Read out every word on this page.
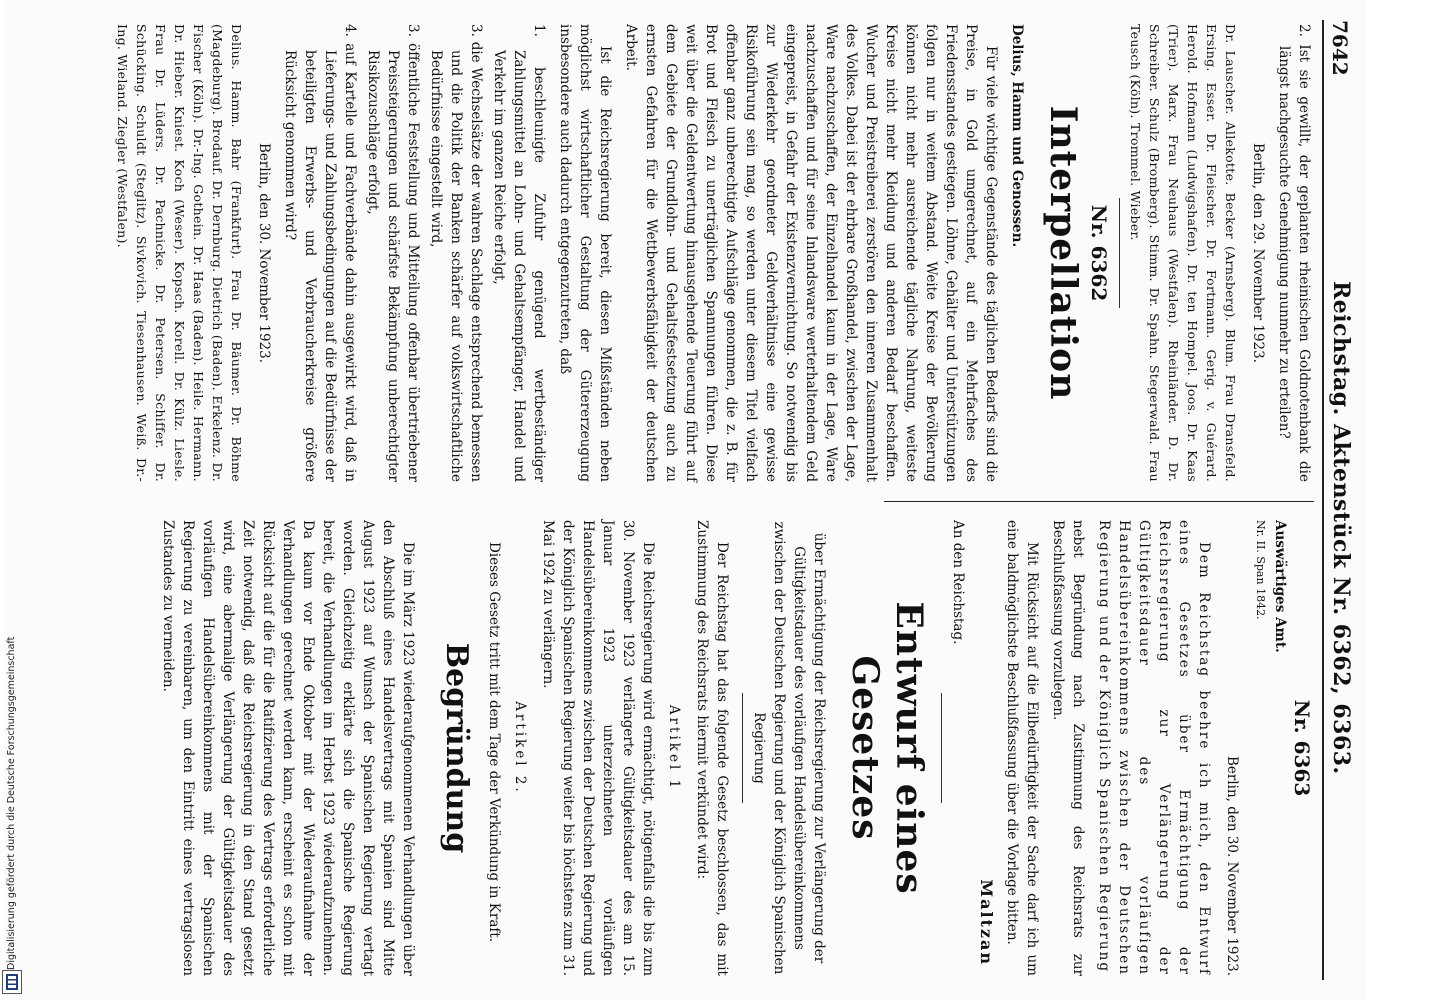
7642
Reichstag. Aktenstück Nr. 6362, 6363.

2. Ist sie gewillt, der geplanten rheinischen Goldnotenbank die längst nachgesuchte Genehmigung nunmehr zu erteilen?

Berlin, den 29. November 1923.

Dr. Lauscher. Allekotte. Becker (Arnsberg). Blum. Frau Dransfeld. Ersing. Esser. Dr. Fleischer. Dr. Fortmann. Gerig. v. Guérard. Herold. Hofmann (Ludwigshafen). Dr. ten Hompel. Joos. Dr. Kaas (Trier). Marx. Frau Neuhaus (Westfalen). Rheinländer. D. Dr. Schreiber. Schulz (Bromberg). Stimm. Dr. Spahn. Stegerwald. Frau Teusch (Köln). Trommel. Wieber.

Nr. 6362
Interpellation

Delius, Hamm und Genossen.

Für viele wichtige Gegenstände des täglichen Bedarfs sind die Preise, in Gold umgerechnet, auf ein Mehrfaches des Friedensstandes gestiegen. Löhne, Gehälter und Unterstützungen folgen nur in weitem Abstand. Weite Kreise der Bevölkerung können nicht mehr ausreichende tägliche Nahrung, weiteste Kreise nicht mehr Kleidung und anderen Bedarf beschaffen. Wucher und Preistreiberei zerstören den inneren Zusammenhalt des Volkes. Dabei ist der ehrbare Großhandel, zwischen der Lage, Ware nachzuschaffen, der Einzelhandel kaum in der Lage, Ware nachzuschaffen und für seine Inlandsware werterhaltendem Geld eingepreist, in Gefahr der Existenzvernichtung. So notwendig bis zur Wiederkehr geordneter Geldverhältnisse eine gewisse Risikoführung sein mag, so werden unter diesem Titel vielfach offenbar ganz unberechtigte Aufschläge genommen, die z. B. für Brot und Fleisch zu unerträglichen Spannungen führen. Diese weit über die Geldentwertung hinausgehende Teuerung führt auf dem Gebiete der Grundlohn- und Gehaltsfestsetzung auch zu ernsten Gefahren für die Wettbewerbsfähigkeit der deutschen Arbeit.

Ist die Reichsregierung bereit, diesen Mißständen neben möglichst wirtschaftlicher Gestaltung der Gütererzeugung insbesondere auch dadurch entgegenzutreten, daß

1. beschleunigte Zufuhr genügend wertbeständiger Zahlungsmittel an Lohn- und Gehaltsempfänger, Handel und Verkehr im ganzen Reiche erfolgt,

3. die Wechselsätze der wahren Sachlage entsprechend bemessen und die Politik der Banken schärfer auf volkswirtschaftliche Bedürfnisse eingestellt wird,

3. öffentliche Feststellung und Mitteilung offenbar übertriebener Preissteigerungen und schärfste Bekämpfung unberechtigter Risikozuschläge erfolgt,

4. auf Kartelle und Fachverbände dahin ausgewirkt wird, daß in Lieferungs- und Zahlungsbedingungen auf die Bedürfnisse der beteiligten Erwerbs- und Verbraucherkreise größere Rücksicht genommen wird?

Berlin, den 30. November 1923.

Delius. Hamm. Bahr (Frankfurt). Frau Dr. Bäumer. Dr. Böhme (Magdeburg). Brodauf. Dr. Dernburg. Dietrich (Baden). Erkelenz. Dr. Fischer (Köln). Dr.-Ing. Gothein. Dr. Haas (Baden). Heile. Hermann. Dr. Hieber. Kniest. Koch (Weser). Kopsch. Korell. Dr. Külz. Liesle. Frau Dr. Lüders. Dr. Pachnicke. Dr. Petersen. Schiffer. Dr. Schücking. Schuldt (Steglitz). Sivkovich. Tiesenhausen. Weiß. Dr.-Ing. Wieland. Ziegler (Westfalen).

Nr. 6363

Auswärtiges Amt.

Nr. II. Span 1842.

Berlin, den 30. November 1923.

Dem Reichstag beehre ich mich, den Entwurf eines Gesetzes über Ermächtigung der Reichsregierung zur Verlängerung der Gültigkeitsdauer des vorläufigen Handelsübereinkommens zwischen der Deutschen Regierung und der Königlich Spanischen Regierung

nebst Begründung nach Zustimmung des Reichsrats zur Beschlußfassung vorzulegen.

Mit Rücksicht auf die Eilbedürftigkeit der Sache darf ich um eine baldmöglichste Beschlußfassung über die Vorlage bitten.

Maltzan

An den Reichstag.

Entwurf eines Gesetzes

über Ermächtigung der Reichsregierung zur Verlängerung der Gültigkeitsdauer des vorläufigen Handelsübereinkommens zwischen der Deutschen Regierung und der Königlich Spanischen Regierung

Der Reichstag hat das folgende Gesetz beschlossen, das mit Zustimmung des Reichsrats hiermit verkündet wird:

Artikel 1

Die Reichsregierung wird ermächtigt, nötigenfalls die bis zum 30. November 1923 verlängerte Gültigkeitsdauer des am 15. Januar 1923 unterzeichneten vorläufigen Handelsübereinkommens zwischen der Deutschen Regierung und der Königlich Spanischen Regierung weiter bis höchstens zum 31. Mai 1924 zu verlängern.

Artikel 2.

Dieses Gesetz tritt mit dem Tage der Verkündung in Kraft.

Begründung

Die im März 1923 wiederaufgenommenen Verhandlungen über den Abschluß eines Handelsvertrags mit Spanien sind Mitte August 1923 auf Wunsch der Spanischen Regierung vertagt worden. Gleichzeitig erklärte sich die Spanische Regierung bereit, die Verhandlungen im Herbst 1923 wiederaufzunehmen. Da kaum vor Ende Oktober mit der Wiederaufnahme der Verhandlungen gerechnet werden kann, erscheint es schon mit Rücksicht auf die für die Ratifizierung des Vertrags erforderliche Zeit notwendig, daß die Reichsregierung in den Stand gesetzt wird, eine abermalige Verlängerung der Gültigkeitsdauer des vorläufigen Handelsübereinkommens mit der Spanischen Regierung zu vereinbaren, um den Eintritt eines vertragslosen Zustandes zu vermeiden.

Digitalisierung gefördert durch die Deutsche Forschungsgemeinschaft
